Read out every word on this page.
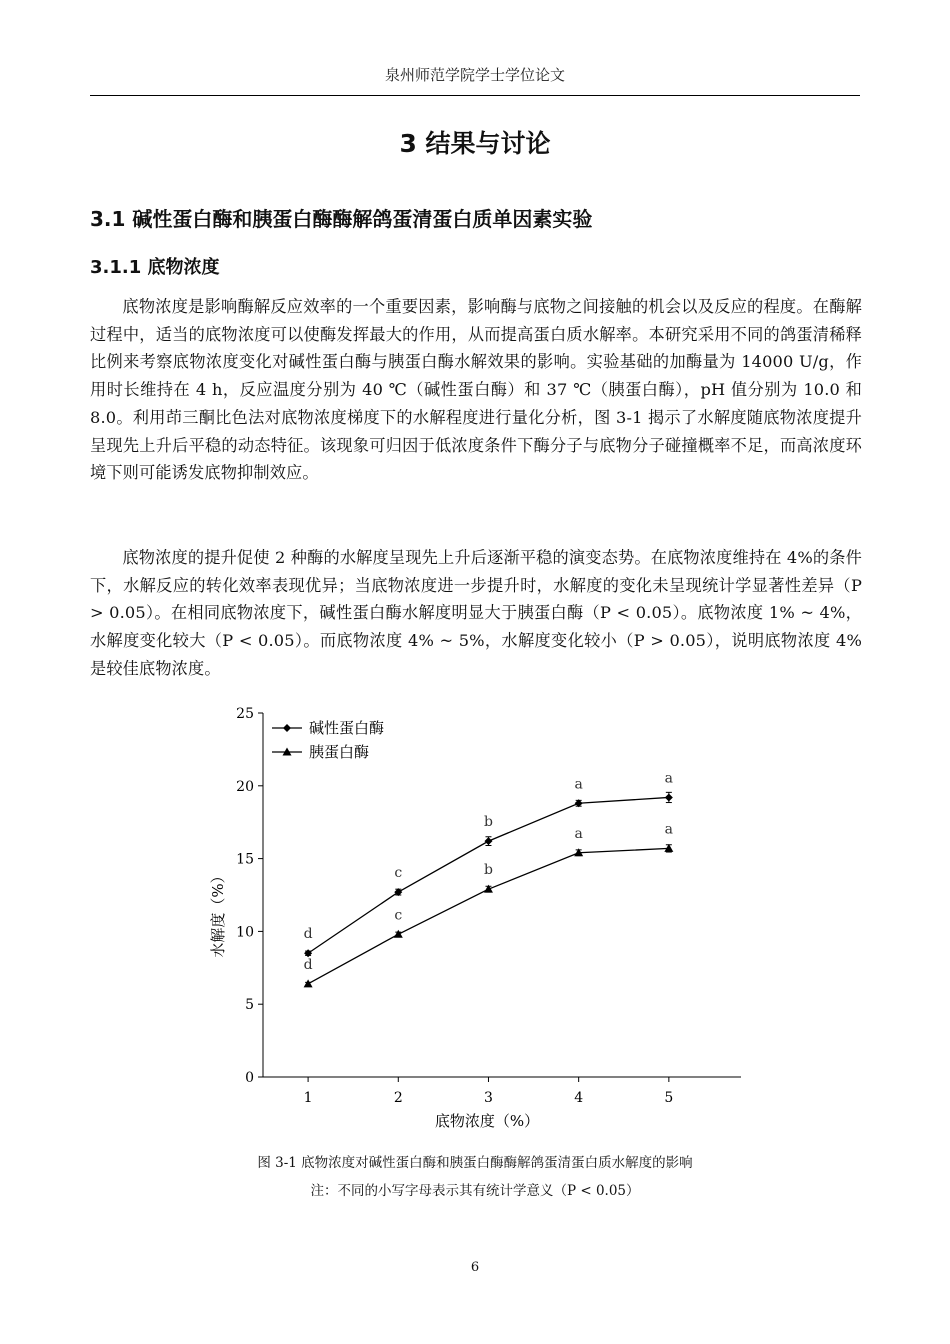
泉州师范学院学士学位论文
3 结果与讨论
3.1 碱性蛋白酶和胰蛋白酶酶解鸽蛋清蛋白质单因素实验
3.1.1 底物浓度

底物浓度是影响酶解反应效率的一个重要因素，影响酶与底物之间接触的机会以及反应的程度。在酶解过程中，适当的底物浓度可以使酶发挥最大的作用，从而提高蛋白质水解率。本研究采用不同的鸽蛋清稀释比例来考察底物浓度变化对碱性蛋白酶与胰蛋白酶水解效果的影响。实验基础的加酶量为 14000 U/g，作用时长维持在 4 h，反应温度分别为 40 ℃（碱性蛋白酶）和 37 ℃（胰蛋白酶），pH 值分别为 10.0 和 8.0。利用茚三酮比色法对底物浓度梯度下的水解程度进行量化分析，图 3-1 揭示了水解度随底物浓度提升呈现先上升后平稳的动态特征。该现象可归因于低浓度条件下酶分子与底物分子碰撞概率不足，而高浓度环境下则可能诱发底物抑制效应。

底物浓度的提升促使 2 种酶的水解度呈现先上升后逐渐平稳的演变态势。在底物浓度维持在 4%的条件下，水解反应的转化效率表现优异；当底物浓度进一步提升时，水解度的变化未呈现统计学显著性差异（P > 0.05）。在相同底物浓度下，碱性蛋白酶水解度明显大于胰蛋白酶（P < 0.05）。底物浓度 1% ~ 4%，水解度变化较大（P < 0.05）。而底物浓度 4% ~ 5%，水解度变化较小（P > 0.05），说明底物浓度 4%是较佳底物浓度。

0
5
10
15
20
25
1	2	3	4	5
底物浓度（%）
水解度（%）	d
c
b
a	a
d
c
b
a	a
碱性蛋白酶
胰蛋白酶
图 3-1 底物浓度对碱性蛋白酶和胰蛋白酶酶解鸽蛋清蛋白质水解度的影响
注：不同的小写字母表示其有统计学意义（P < 0.05）
6
